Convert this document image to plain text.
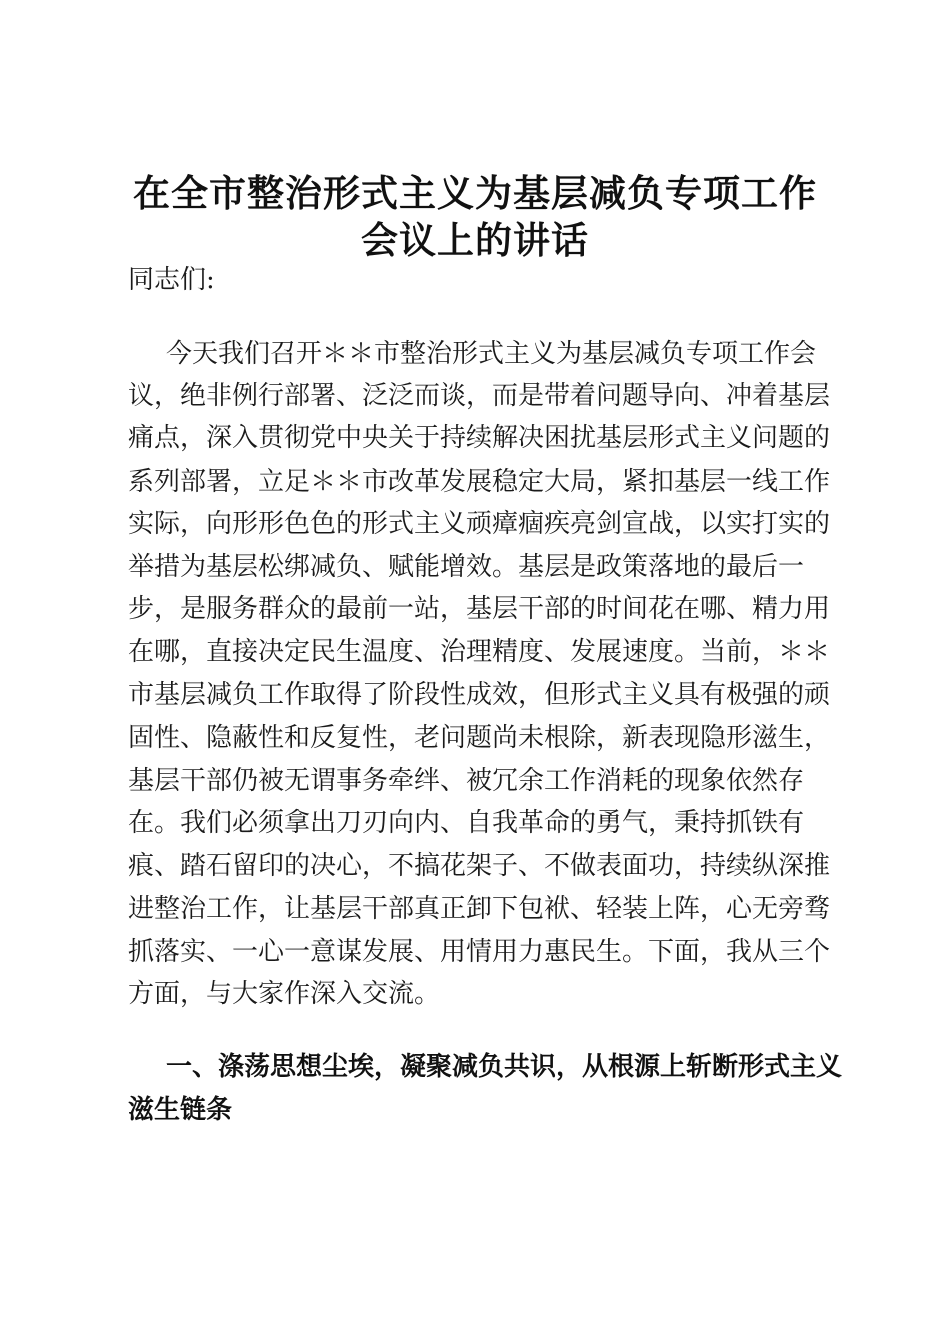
在全市整治形式主义为基层减负专项工作
会议上的讲话
同志们:
今天我们召开＊＊市整治形式主义为基层减负专项工作会
议，绝非例行部署、泛泛而谈，而是带着问题导向、冲着基层
痛点，深入贯彻党中央关于持续解决困扰基层形式主义问题的
系列部署，立足＊＊市改革发展稳定大局，紧扣基层一线工作
实际，向形形色色的形式主义顽瘴痼疾亮剑宣战，以实打实的
举措为基层松绑减负、赋能增效。基层是政策落地的最后一
步，是服务群众的最前一站，基层干部的时间花在哪、精力用
在哪，直接决定民生温度、治理精度、发展速度。当前，＊＊
市基层减负工作取得了阶段性成效，但形式主义具有极强的顽
固性、隐蔽性和反复性，老问题尚未根除，新表现隐形滋生，
基层干部仍被无谓事务牵绊、被冗余工作消耗的现象依然存
在。我们必须拿出刀刃向内、自我革命的勇气，秉持抓铁有
痕、踏石留印的决心，不搞花架子、不做表面功，持续纵深推
进整治工作，让基层干部真正卸下包袱、轻装上阵，心无旁骛
抓落实、一心一意谋发展、用情用力惠民生。下面，我从三个
方面，与大家作深入交流。
一、涤荡思想尘埃，凝聚减负共识，从根源上斩断形式主义
滋生链条
